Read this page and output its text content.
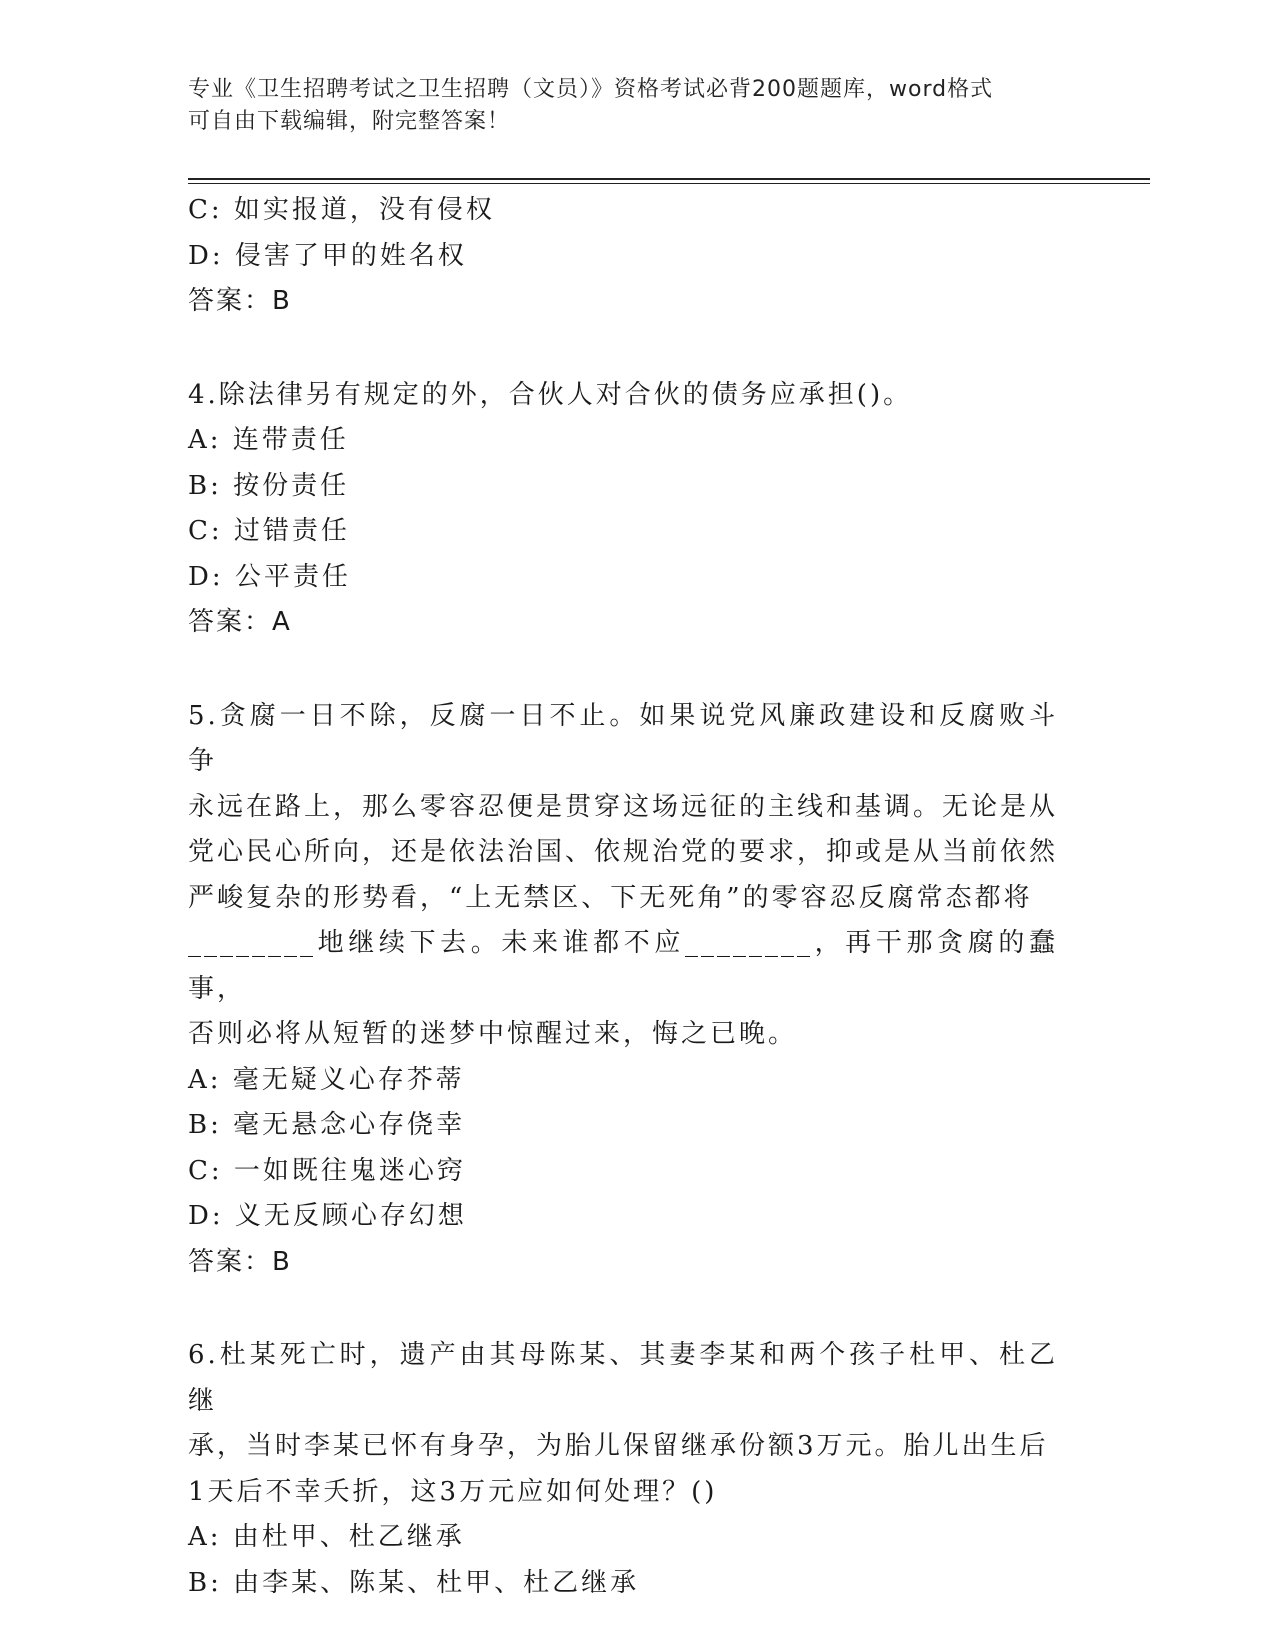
专业《卫生招聘考试之卫生招聘（文员）》资格考试必背200题题库，word格式
可自由下载编辑，附完整答案！

C: 如实报道，没有侵权

D: 侵害了甲的姓名权

答案：B

4.除法律另有规定的外，合伙人对合伙的债务应承担()。

A: 连带责任

B: 按份责任

C: 过错责任

D: 公平责任

答案：A

5.贪腐一日不除，反腐一日不止。如果说党风廉政建设和反腐败斗争

永远在路上，那么零容忍便是贯穿这场远征的主线和基调。无论是从

党心民心所向，还是依法治国、依规治党的要求，抑或是从当前依然

严峻复杂的形势看，“上无禁区、下无死角”的零容忍反腐常态都将

________地继续下去。未来谁都不应________，再干那贪腐的蠢事，

否则必将从短暂的迷梦中惊醒过来，悔之已晚。

A: 毫无疑义心存芥蒂

B: 毫无悬念心存侥幸

C: 一如既往鬼迷心窍

D: 义无反顾心存幻想

答案：B

6.杜某死亡时，遗产由其母陈某、其妻李某和两个孩子杜甲、杜乙继

承，当时李某已怀有身孕，为胎儿保留继承份额3万元。胎儿出生后

1天后不幸夭折，这3万元应如何处理？()

A: 由杜甲、杜乙继承

B: 由李某、陈某、杜甲、杜乙继承
